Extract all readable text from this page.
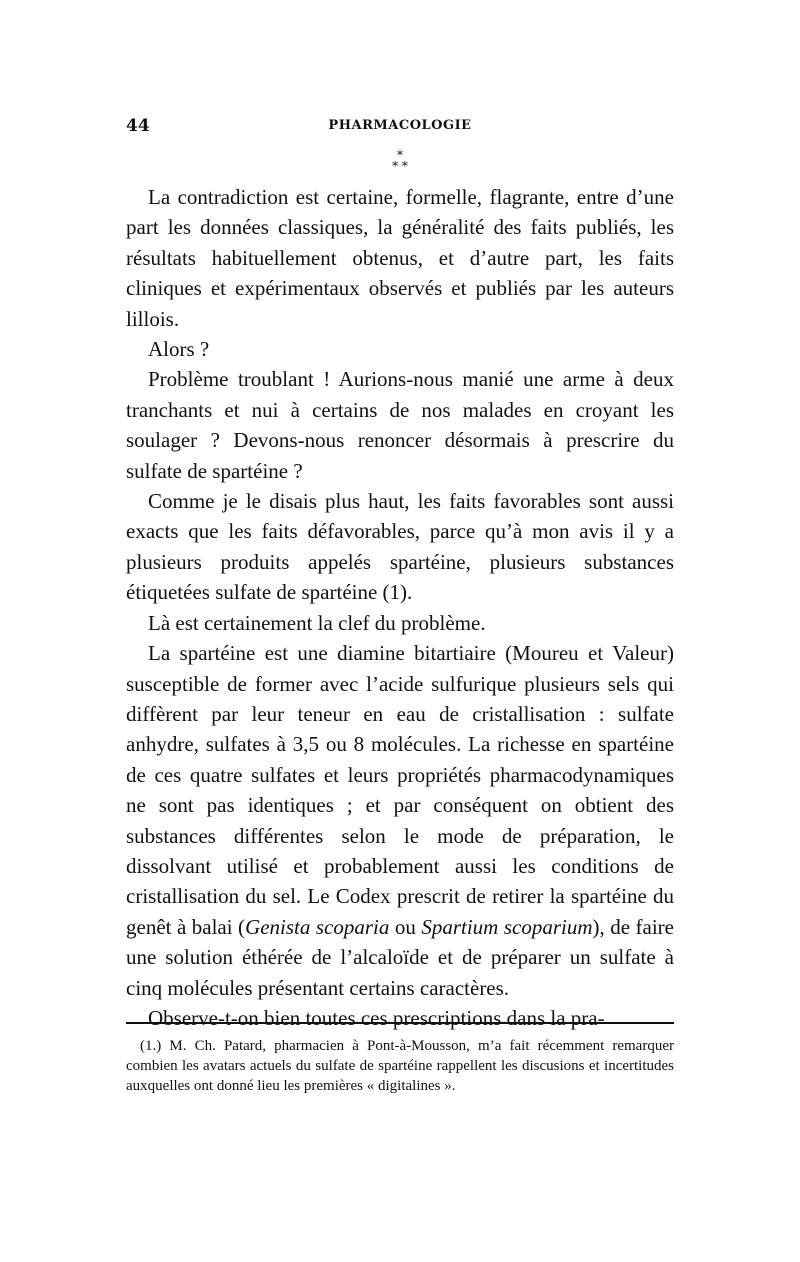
44	PHARMACOLOGIE
*
* *

La contradiction est certaine, formelle, flagrante, entre d’une part les données classiques, la généralité des faits publiés, les résultats habituellement obtenus, et d’autre part, les faits cliniques et expérimentaux observés et publiés par les auteurs lillois.

Alors ?

Problème troublant ! Aurions-nous manié une arme à deux tranchants et nui à certains de nos malades en croyant les soulager ? Devons-nous renoncer désormais à prescrire du sulfate de spartéine ?

Comme je le disais plus haut, les faits favorables sont aussi exacts que les faits défavorables, parce qu’à mon avis il y a plusieurs produits appelés spartéine, plusieurs substances étiquetées sulfate de spartéine (1).

Là est certainement la clef du problème.

La spartéine est une diamine bitartiaire (Moureu et Valeur) susceptible de former avec l’acide sulfurique plusieurs sels qui diffèrent par leur teneur en eau de cristallisation : sulfate anhydre, sulfates à 3,5 ou 8 molécules. La richesse en spartéine de ces quatre sulfates et leurs propriétés pharmacodynamiques ne sont pas identiques ; et par conséquent on obtient des substances différentes selon le mode de préparation, le dissolvant utilisé et probablement aussi les conditions de cristallisation du sel. Le Codex prescrit de retirer la spartéine du genêt à balai (Genista scoparia ou Spartium scoparium), de faire une solution éthérée de l’alcaloïde et de préparer un sulfate à cinq molécules présentant certains caractères.

Observe-t-on bien toutes ces prescriptions dans la pra-

(1.) M. Ch. Patard, pharmacien à Pont-à-Mousson, m’a fait récemment remarquer combien les avatars actuels du sulfate de spartéine rappellent les discusions et incertitudes auxquelles ont donné lieu les premières « digitalines ».
